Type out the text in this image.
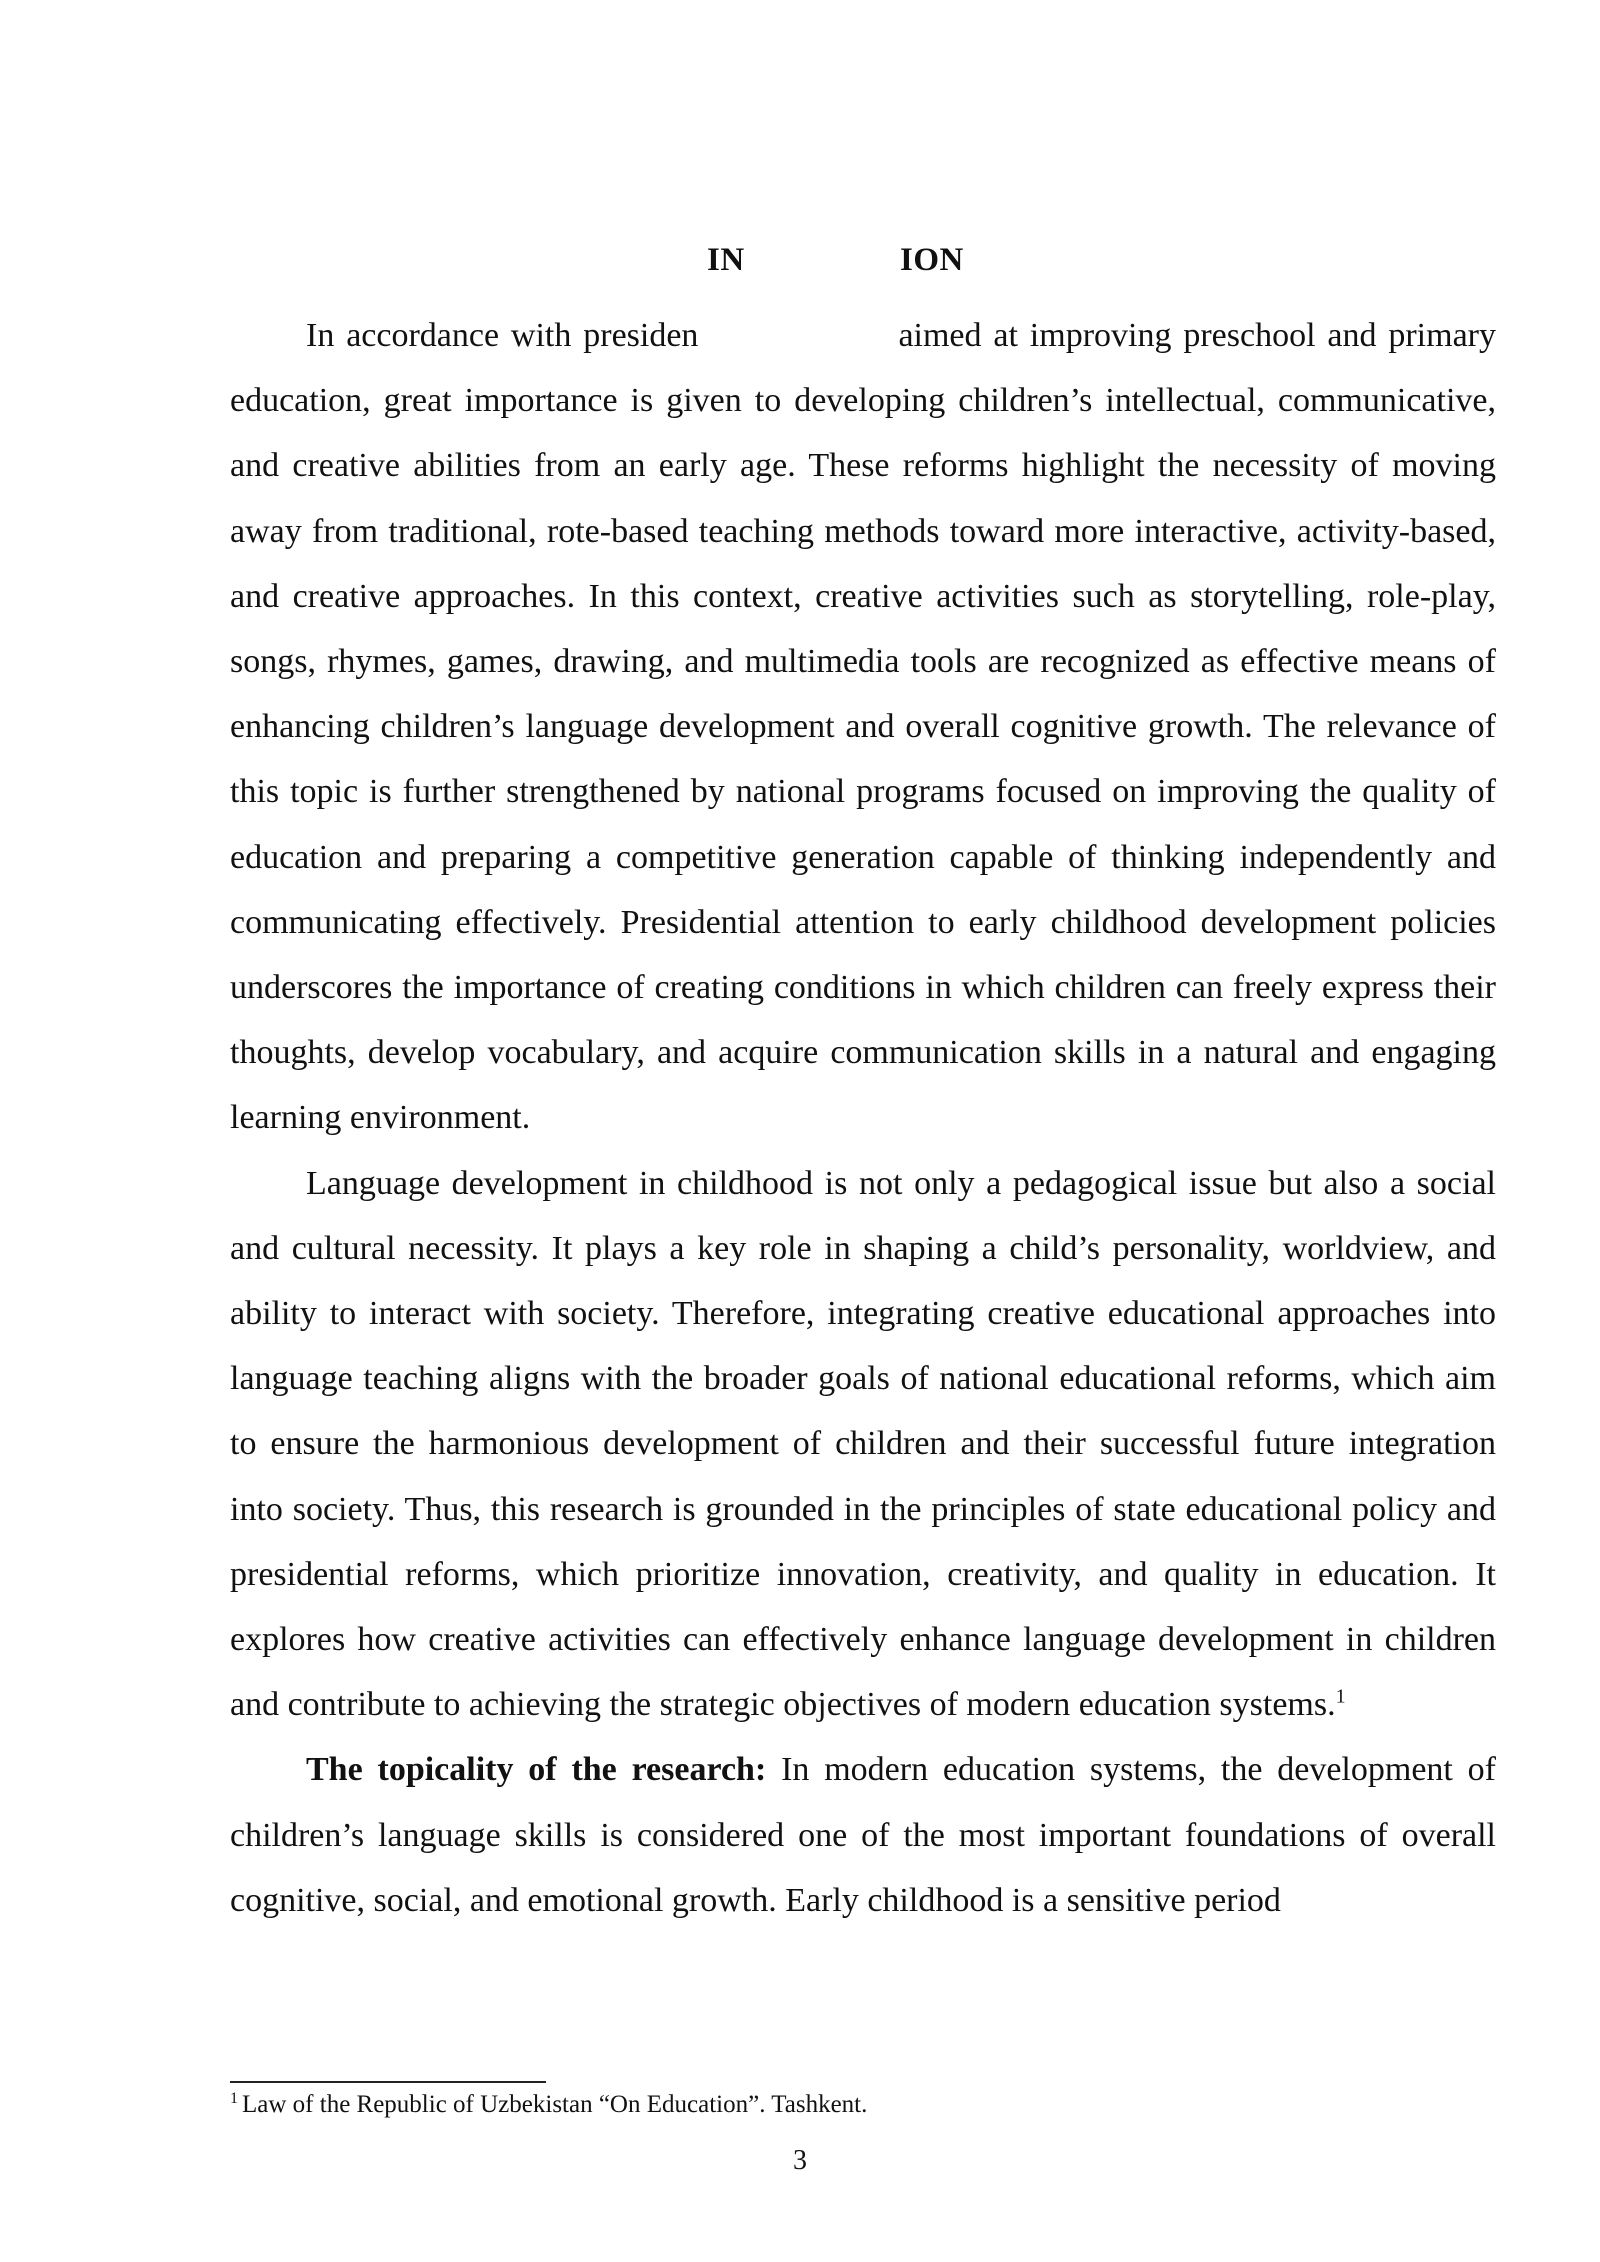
IN	ION

In accordance with presiden	aimed at improving preschool and primary education, great importance is given to developing children’s intellectual, communicative, and creative abilities from an early age. These reforms highlight the necessity of moving away from traditional, rote-based teaching methods toward more interactive, activity-based, and creative approaches. In this context, creative activities such as storytelling, role-play, songs, rhymes, games, drawing, and multimedia tools are recognized as effective means of enhancing children’s language development and overall cognitive growth. The relevance of this topic is further strengthened by national programs focused on improving the quality of education and preparing a competitive generation capable of thinking independently and communicating effectively. Presidential attention to early childhood development policies underscores the importance of creating conditions in which children can freely express their thoughts, develop vocabulary, and acquire communication skills in a natural and engaging learning environment.

Language development in childhood is not only a pedagogical issue but also a social and cultural necessity. It plays a key role in shaping a child’s personality, worldview, and ability to interact with society. Therefore, integrating creative educational approaches into language teaching aligns with the broader goals of national educational reforms, which aim to ensure the harmonious development of children and their successful future integration into society. Thus, this research is grounded in the principles of state educational policy and presidential reforms, which prioritize innovation, creativity, and quality in education. It explores how creative activities can effectively enhance language development in children and contribute to achieving the strategic objectives of modern education systems.$^1$

The topicality of the research: In modern education systems, the development of children’s language skills is considered one of the most important foundations of overall cognitive, social, and emotional growth. Early childhood is a sensitive period

$^1$ Law of the Republic of Uzbekistan “On Education”. Tashkent.
3
